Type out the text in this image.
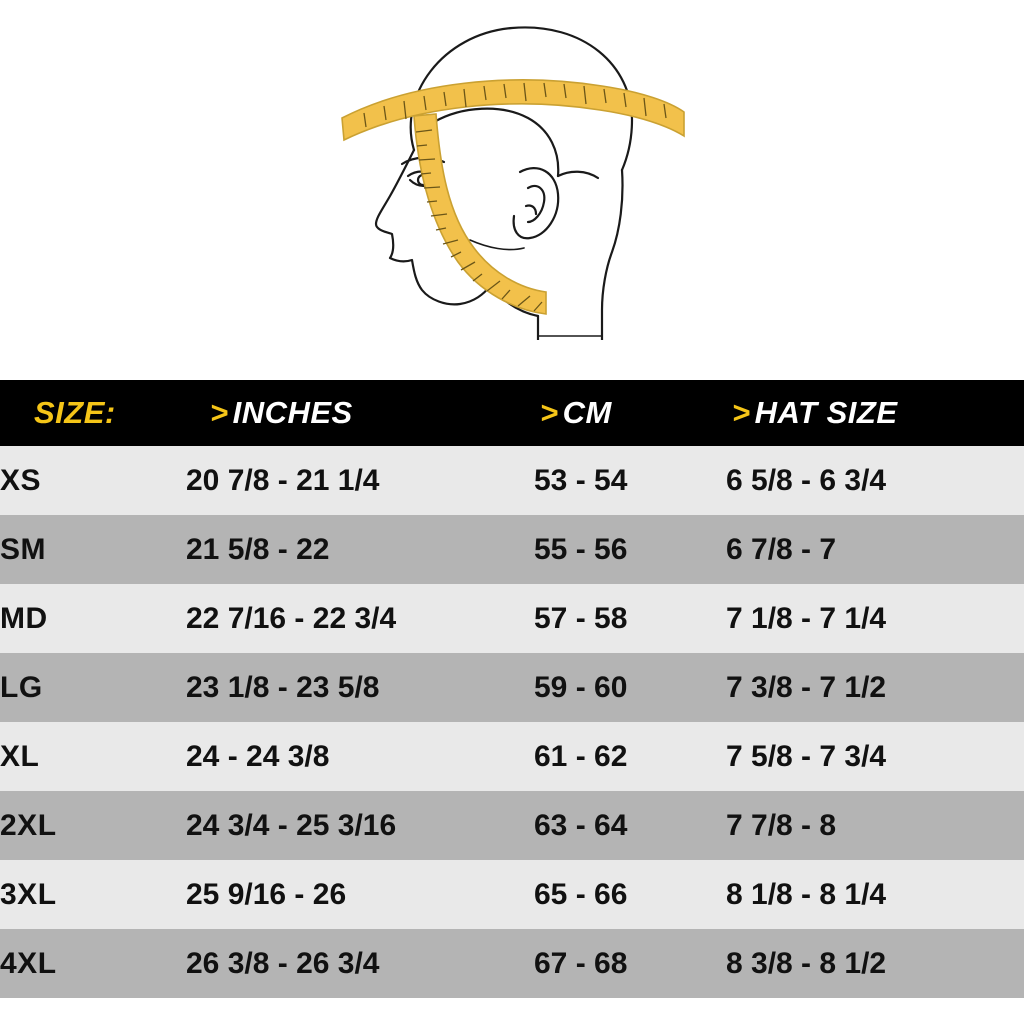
SIZE:	> INCHES	> CM	> HAT SIZE
XS	20 7/8 - 21 1/4	53 - 54	6 5/8 - 6 3/4
SM	21 5/8 - 22	55 - 56	6 7/8 - 7
MD	22 7/16 - 22 3/4	57 - 58	7 1/8 - 7 1/4
LG	23 1/8 - 23 5/8	59 - 60	7 3/8 - 7 1/2
XL	24 - 24 3/8	61 - 62	7 5/8 - 7 3/4
2XL	24 3/4 - 25 3/16	63 - 64	7 7/8 - 8
3XL	25 9/16 - 26	65 - 66	8 1/8 - 8 1/4
4XL	26 3/8 - 26 3/4	67 - 68	8 3/8 - 8 1/2
